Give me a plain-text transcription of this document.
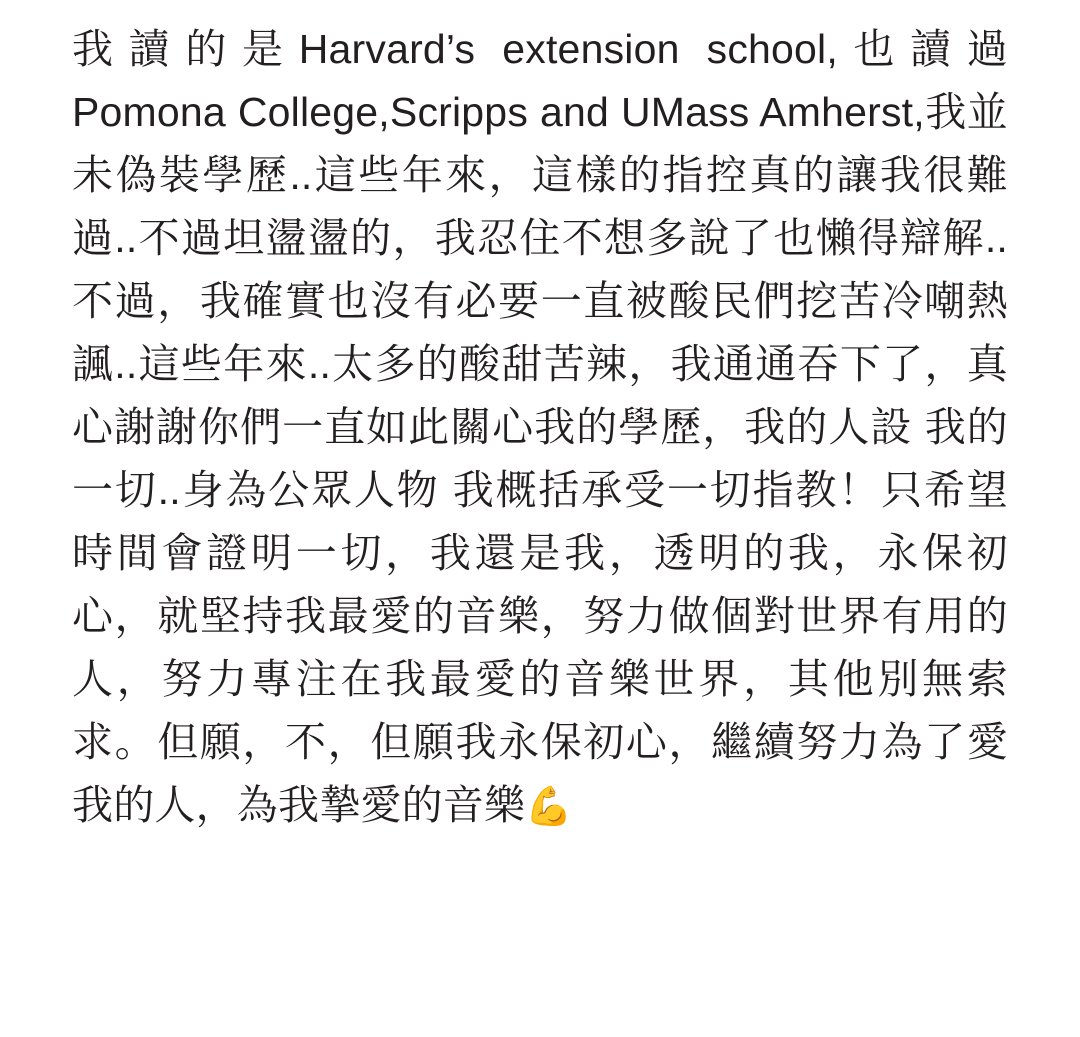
我讀的是Harvard’s extension school,也讀過Pomona College,Scripps and UMass Amherst,我並未偽裝學歷..這些年來，這樣的指控真的讓我很難過..不過坦盪盪的，我忍住不想多說了也懶得辯解..不過，我確實也沒有必要一直被酸民們挖苦冷嘲熱諷..這些年來..太多的酸甜苦辣，我通通吞下了，真心謝謝你們一直如此關心我的學歷，我的人設 我的一切..身為公眾人物 我概括承受一切指教！只希望時間會證明一切，我還是我，透明的我，永保初心，就堅持我最愛的音樂，努力做個對世界有用的人，努力專注在我最愛的音樂世界，其他別無索求。但願，不，但願我永保初心，繼續努力為了愛我的人，為我摯愛的音樂💪
